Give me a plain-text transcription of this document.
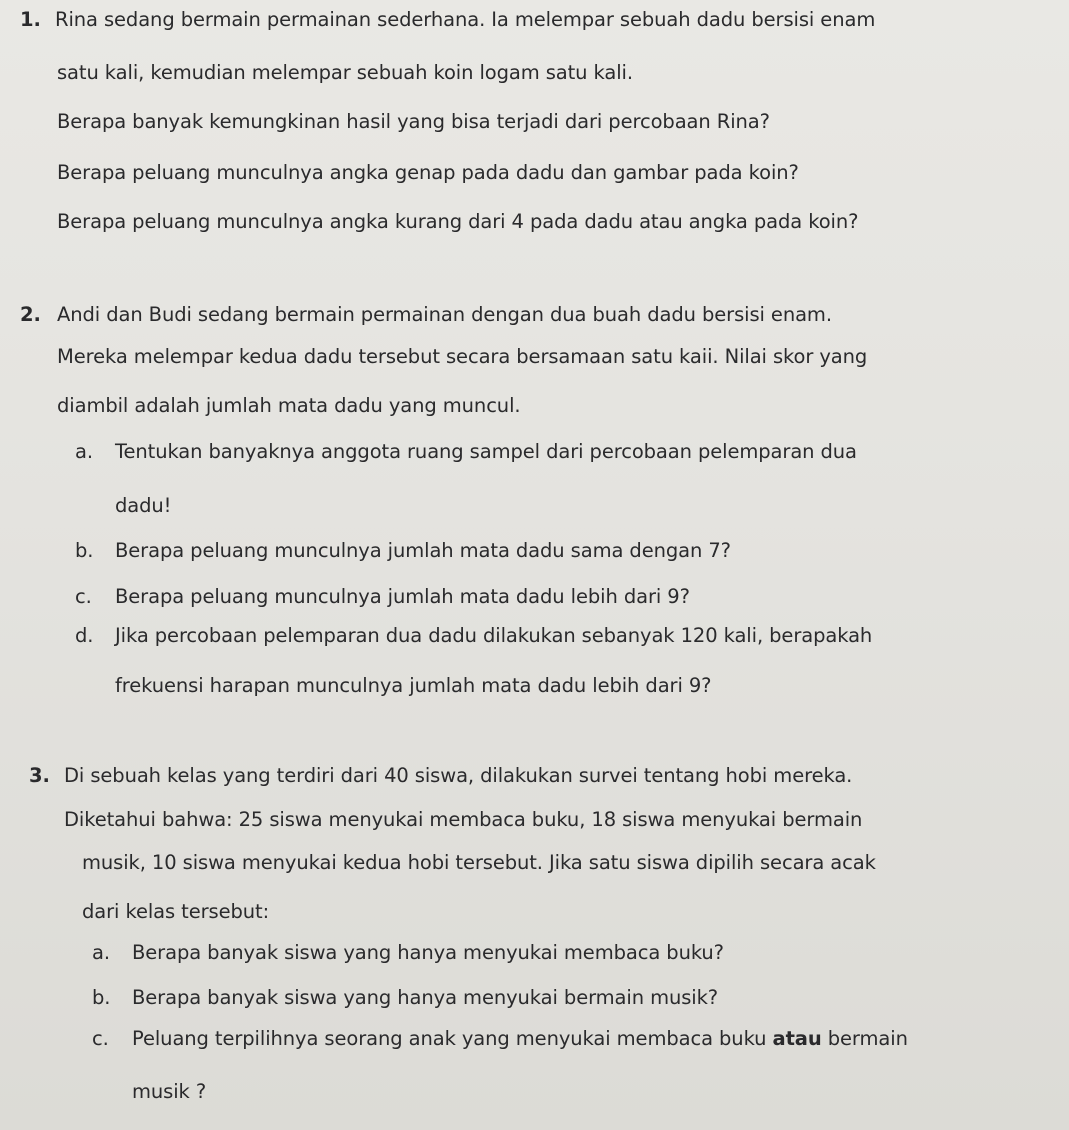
1. Rina sedang bermain permainan sederhana. Ia melempar sebuah dadu bersisi enam
satu kali, kemudian melempar sebuah koin logam satu kali.
Berapa banyak kemungkinan hasil yang bisa terjadi dari percobaan Rina?
Berapa peluang munculnya angka genap pada dadu dan gambar pada koin?
Berapa peluang munculnya angka kurang dari 4 pada dadu atau angka pada koin?
2. Andi dan Budi sedang bermain permainan dengan dua buah dadu bersisi enam.
Mereka melempar kedua dadu tersebut secara bersamaan satu kaii. Nilai skor yang
diambil adalah jumlah mata dadu yang muncul.
a. Tentukan banyaknya anggota ruang sampel dari percobaan pelemparan dua
dadu!
b. Berapa peluang munculnya jumlah mata dadu sama dengan 7?
c. Berapa peluang munculnya jumlah mata dadu lebih dari 9?
d. Jika percobaan pelemparan dua dadu dilakukan sebanyak 120 kali, berapakah
frekuensi harapan munculnya jumlah mata dadu lebih dari 9?
3. Di sebuah kelas yang terdiri dari 40 siswa, dilakukan survei tentang hobi mereka.
Diketahui bahwa: 25 siswa menyukai membaca buku, 18 siswa menyukai bermain
musik, 10 siswa menyukai kedua hobi tersebut. Jika satu siswa dipilih secara acak
dari kelas tersebut:
a. Berapa banyak siswa yang hanya menyukai membaca buku?
b. Berapa banyak siswa yang hanya menyukai bermain musik?
c. Peluang terpilihnya seorang anak yang menyukai membaca buku atau bermain
musik ?
